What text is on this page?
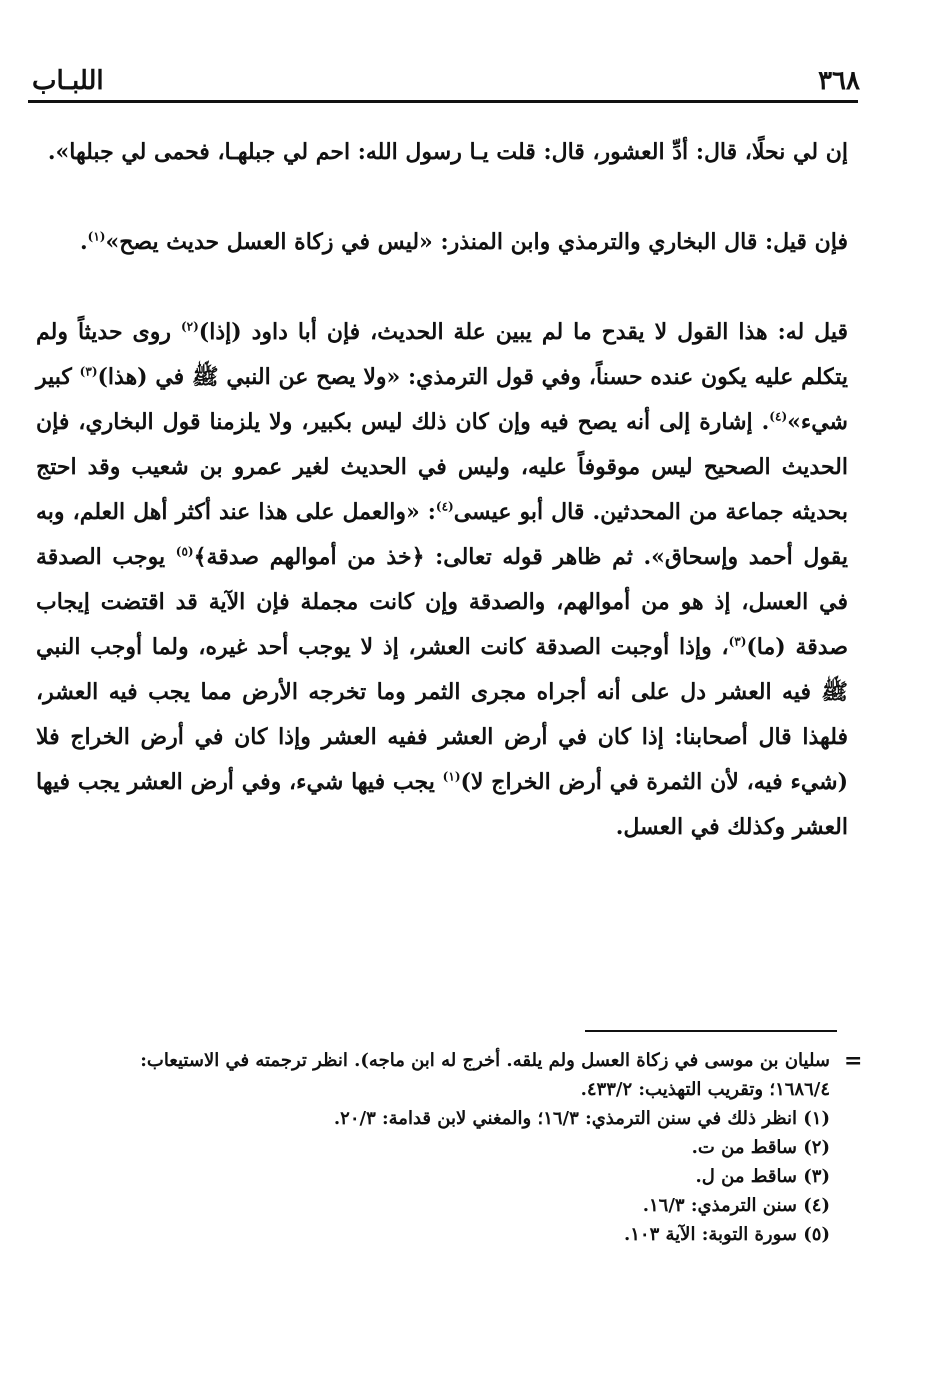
٣٦٨
اللبـاب

إن لي نحلًا، قال: أدِّ العشور، قال: قلت يـا رسول الله: احم لي جبلهـا، فحمى لي جبلها».

فإن قيل: قال البخاري والترمذي وابن المنذر: «ليس في زكاة العسل حديث يصح»$^{(١)}$.

قيل له: هذا القول لا يقدح ما لم يبين علة الحديث، فإن أبا داود (إذا)$^{(٢)}$ روى حديثاً ولم يتكلم عليه يكون عنده حسناً، وفي قول الترمذي: «ولا يصح عن النبي ﷺ في (هذا)$^{(٣)}$ كبير شيء»$^{(٤)}$. إشارة إلى أنه يصح فيه وإن كان ذلك ليس بكبير، ولا يلزمنا قول البخاري، فإن الحديث الصحيح ليس موقوفاً عليه، وليس في الحديث لغير عمرو بن شعيب وقد احتج بحديثه جماعة من المحدثين. قال أبو عيسى$^{(٤)}$: «والعمل على هذا عند أكثر أهل العلم، وبه يقول أحمد وإسحاق». ثم ظاهر قوله تعالى: ﴿خذ من أموالهم صدقة﴾$^{(٥)}$ يوجب الصدقة في العسل، إذ هو من أموالهم، والصدقة وإن كانت مجملة فإن الآية قد اقتضت إيجاب صدقة (ما)$^{(٣)}$، وإذا أوجبت الصدقة كانت العشر، إذ لا يوجب أحد غيره، ولما أوجب النبي ﷺ فيه العشر دل على أنه أجراه مجرى الثمر وما تخرجه الأرض مما يجب فيه العشر، فلهذا قال أصحابنا: إذا كان في أرض العشر ففيه العشر وإذا كان في أرض الخراج فلا (شيء فيه، لأن الثمرة في أرض الخراج لا)$^{(١)}$ يجب فيها شيء، وفي أرض العشر يجب فيها العشر وكذلك في العسل.

=

سليان بن موسى في زكاة العسل ولم يلقه. أخرج له ابن ماجه). انظر ترجمته في الاستيعاب:

١٦٨٦/٤؛ وتقريب التهذيب: ٤٣٣/٢.

(١) انظر ذلك في سنن الترمذي: ١٦/٣؛ والمغني لابن قدامة: ٢٠/٣.

(٢) ساقط من ت.

(٣) ساقط من ل.

(٤) سنن الترمذي: ١٦/٣.

(٥) سورة التوبة: الآية ١٠٣.
